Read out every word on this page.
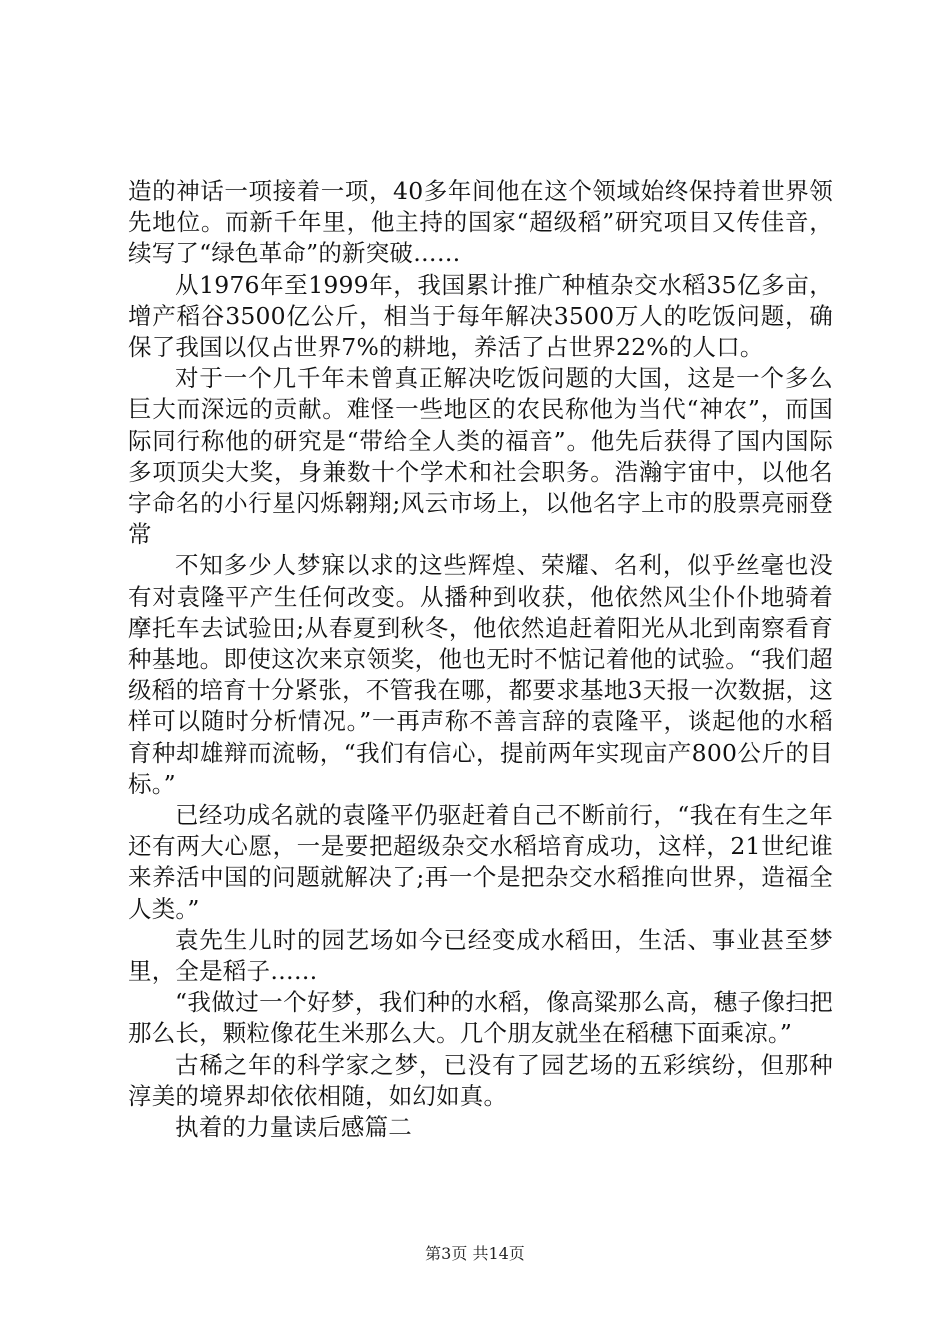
造的神话一项接着一项，40多年间他在这个领域始终保持着世界领先地位。而新千年里，他主持的国家“超级稻”研究项目又传佳音，续写了“绿色革命”的新突破……

从1976年至1999年，我国累计推广种植杂交水稻35亿多亩，增产稻谷3500亿公斤，相当于每年解决3500万人的吃饭问题，确保了我国以仅占世界7%的耕地，养活了占世界22%的人口。

对于一个几千年未曾真正解决吃饭问题的大国，这是一个多么巨大而深远的贡献。难怪一些地区的农民称他为当代“神农”，而国际同行称他的研究是“带给全人类的福音”。他先后获得了国内国际多项顶尖大奖，身兼数十个学术和社会职务。浩瀚宇宙中，以他名字命名的小行星闪烁翱翔;风云市场上，以他名字上市的股票亮丽登常

不知多少人梦寐以求的这些辉煌、荣耀、名利，似乎丝毫也没有对袁隆平产生任何改变。从播种到收获，他依然风尘仆仆地骑着摩托车去试验田;从春夏到秋冬，他依然追赶着阳光从北到南察看育种基地。即使这次来京领奖，他也无时不惦记着他的试验。“我们超级稻的培育十分紧张，不管我在哪，都要求基地3天报一次数据，这样可以随时分析情况。”一再声称不善言辞的袁隆平，谈起他的水稻育种却雄辩而流畅，“我们有信心，提前两年实现亩产800公斤的目标。”

已经功成名就的袁隆平仍驱赶着自己不断前行，“我在有生之年还有两大心愿，一是要把超级杂交水稻培育成功，这样，21世纪谁来养活中国的问题就解决了;再一个是把杂交水稻推向世界，造福全人类。”

袁先生儿时的园艺场如今已经变成水稻田，生活、事业甚至梦里，全是稻子……

“我做过一个好梦，我们种的水稻，像高粱那么高，穗子像扫把那么长，颗粒像花生米那么大。几个朋友就坐在稻穗下面乘凉。”

古稀之年的科学家之梦，已没有了园艺场的五彩缤纷，但那种淳美的境界却依依相随，如幻如真。

执着的力量读后感篇二

第3页 共14页
